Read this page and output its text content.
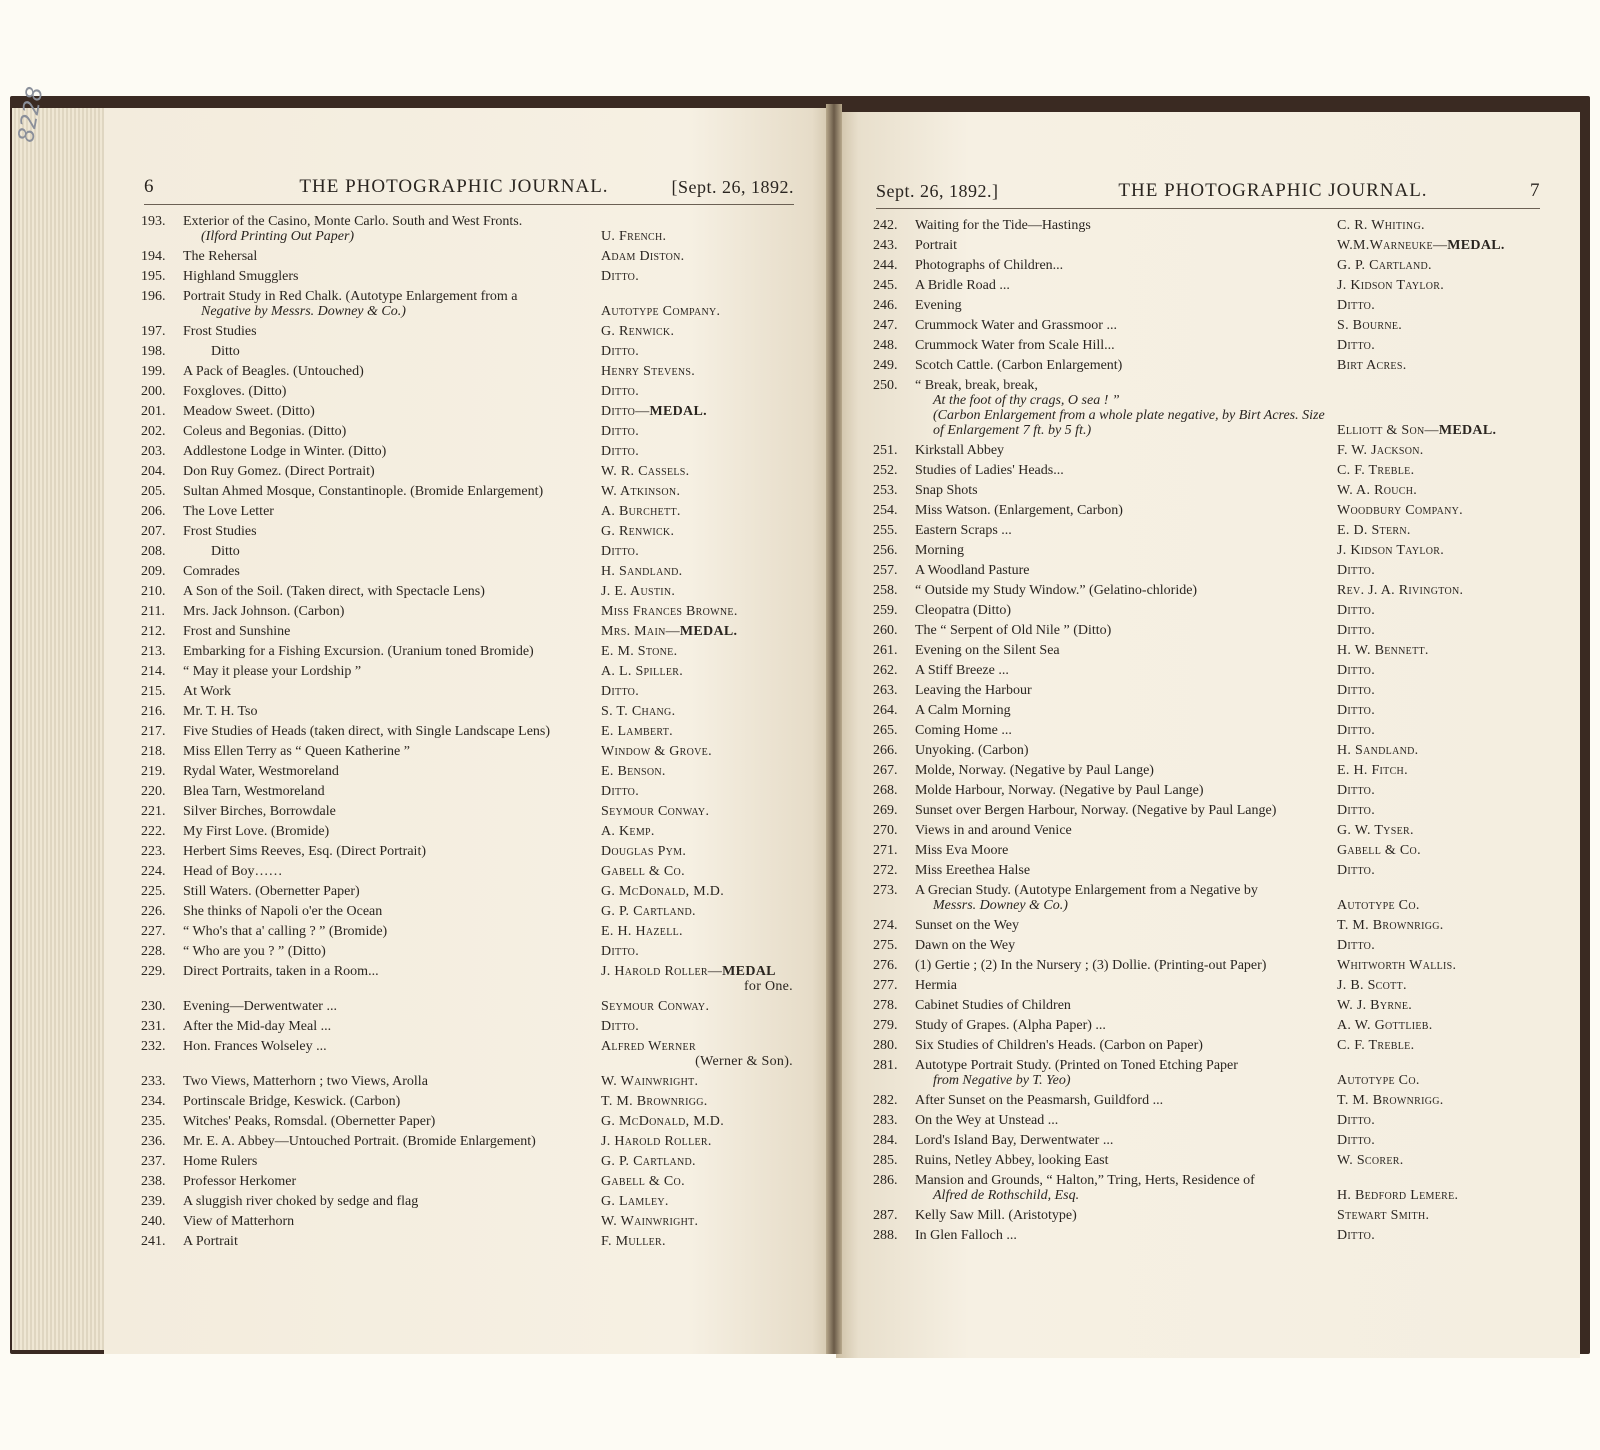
6	THE PHOTOGRAPHIC JOURNAL.	[Sept. 26, 1892.
193.	Exterior of the Casino, Monte Carlo. South and West Fronts.
(Ilford Printing Out Paper)	U. French.
194.	The Rehersal	Adam Diston.
195.	Highland Smugglers	Ditto.
196.	Portrait Study in Red Chalk. (Autotype Enlargement from a
Negative by Messrs. Downey & Co.)	Autotype Company.
197.	Frost Studies	G. Renwick.
198.	Ditto	Ditto.
199.	A Pack of Beagles. (Untouched)	Henry Stevens.
200.	Foxgloves. (Ditto)	Ditto.
201.	Meadow Sweet. (Ditto)	Ditto—MEDAL.
202.	Coleus and Begonias. (Ditto)	Ditto.
203.	Addlestone Lodge in Winter. (Ditto)	Ditto.
204.	Don Ruy Gomez. (Direct Portrait)	W. R. Cassels.
205.	Sultan Ahmed Mosque, Constantinople. (Bromide Enlargement)	W. Atkinson.
206.	The Love Letter	A. Burchett.
207.	Frost Studies	G. Renwick.
208.	Ditto	Ditto.
209.	Comrades	H. Sandland.
210.	A Son of the Soil. (Taken direct, with Spectacle Lens)	J. E. Austin.
211.	Mrs. Jack Johnson. (Carbon)	Miss Frances Browne.
212.	Frost and Sunshine	Mrs. Main—MEDAL.
213.	Embarking for a Fishing Excursion. (Uranium toned Bromide)	E. M. Stone.
214.	“ May it please your Lordship ”	A. L. Spiller.
215.	At Work	Ditto.
216.	Mr. T. H. Tso	S. T. Chang.
217.	Five Studies of Heads (taken direct, with Single Landscape Lens)	E. Lambert.
218.	Miss Ellen Terry as “ Queen Katherine ”	Window & Grove.
219.	Rydal Water, Westmoreland	E. Benson.
220.	Blea Tarn, Westmoreland	Ditto.
221.	Silver Birches, Borrowdale	Seymour Conway.
222.	My First Love. (Bromide)	A. Kemp.
223.	Herbert Sims Reeves, Esq. (Direct Portrait)	Douglas Pym.
224.	Head of Boy……	Gabell & Co.
225.	Still Waters. (Obernetter Paper)	G. McDonald, M.D.
226.	She thinks of Napoli o'er the Ocean	G. P. Cartland.
227.	“ Who's that a' calling ? ” (Bromide)	E. H. Hazell.
228.	“ Who are you ? ” (Ditto)	Ditto.
229.	Direct Portraits, taken in a Room...	J. Harold Roller—MEDAL
for One.
230.	Evening—Derwentwater ...	Seymour Conway.
231.	After the Mid-day Meal ...	Ditto.
232.	Hon. Frances Wolseley ...	Alfred Werner
(Werner & Son).
233.	Two Views, Matterhorn ; two Views, Arolla	W. Wainwright.
234.	Portinscale Bridge, Keswick. (Carbon)	T. M. Brownrigg.
235.	Witches' Peaks, Romsdal. (Obernetter Paper)	G. McDonald, M.D.
236.	Mr. E. A. Abbey—Untouched Portrait. (Bromide Enlargement)	J. Harold Roller.
237.	Home Rulers	G. P. Cartland.
238.	Professor Herkomer	Gabell & Co.
239.	A sluggish river choked by sedge and flag	G. Lamley.
240.	View of Matterhorn	W. Wainwright.
241.	A Portrait	F. Muller.
Sept. 26, 1892.]	THE PHOTOGRAPHIC JOURNAL.	7
242.	Waiting for the Tide—Hastings	C. R. Whiting.
243.	Portrait	W.M.Warneuke—MEDAL.
244.	Photographs of Children...	G. P. Cartland.
245.	A Bridle Road ...	J. Kidson Taylor.
246.	Evening	Ditto.
247.	Crummock Water and Grassmoor ...	S. Bourne.
248.	Crummock Water from Scale Hill...	Ditto.
249.	Scotch Cattle. (Carbon Enlargement)	Birt Acres.
250.	“ Break, break, break,
At the foot of thy crags, O sea ! ”
(Carbon Enlargement from a whole plate negative, by Birt Acres. Size of Enlargement 7 ft. by 5 ft.)	Elliott & Son—MEDAL.
251.	Kirkstall Abbey	F. W. Jackson.
252.	Studies of Ladies' Heads...	C. F. Treble.
253.	Snap Shots	W. A. Rouch.
254.	Miss Watson. (Enlargement, Carbon)	Woodbury Company.
255.	Eastern Scraps ...	E. D. Stern.
256.	Morning	J. Kidson Taylor.
257.	A Woodland Pasture	Ditto.
258.	“ Outside my Study Window.” (Gelatino-chloride)	Rev. J. A. Rivington.
259.	Cleopatra (Ditto)	Ditto.
260.	The “ Serpent of Old Nile ” (Ditto)	Ditto.
261.	Evening on the Silent Sea	H. W. Bennett.
262.	A Stiff Breeze ...	Ditto.
263.	Leaving the Harbour	Ditto.
264.	A Calm Morning	Ditto.
265.	Coming Home ...	Ditto.
266.	Unyoking. (Carbon)	H. Sandland.
267.	Molde, Norway. (Negative by Paul Lange)	E. H. Fitch.
268.	Molde Harbour, Norway. (Negative by Paul Lange)	Ditto.
269.	Sunset over Bergen Harbour, Norway. (Negative by Paul Lange)	Ditto.
270.	Views in and around Venice	G. W. Tyser.
271.	Miss Eva Moore	Gabell & Co.
272.	Miss Ereethea Halse	Ditto.
273.	A Grecian Study. (Autotype Enlargement from a Negative by
Messrs. Downey & Co.)	Autotype Co.
274.	Sunset on the Wey	T. M. Brownrigg.
275.	Dawn on the Wey	Ditto.
276.	(1) Gertie ; (2) In the Nursery ; (3) Dollie. (Printing-out Paper)	Whitworth Wallis.
277.	Hermia	J. B. Scott.
278.	Cabinet Studies of Children	W. J. Byrne.
279.	Study of Grapes. (Alpha Paper) ...	A. W. Gottlieb.
280.	Six Studies of Children's Heads. (Carbon on Paper)	C. F. Treble.
281.	Autotype Portrait Study. (Printed on Toned Etching Paper
from Negative by T. Yeo)	Autotype Co.
282.	After Sunset on the Peasmarsh, Guildford ...	T. M. Brownrigg.
283.	On the Wey at Unstead ...	Ditto.
284.	Lord's Island Bay, Derwentwater ...	Ditto.
285.	Ruins, Netley Abbey, looking East	W. Scorer.
286.	Mansion and Grounds, “ Halton,” Tring, Herts, Residence of
Alfred de Rothschild, Esq.	H. Bedford Lemere.
287.	Kelly Saw Mill. (Aristotype)	Stewart Smith.
288.	In Glen Falloch ...	Ditto.
8228
